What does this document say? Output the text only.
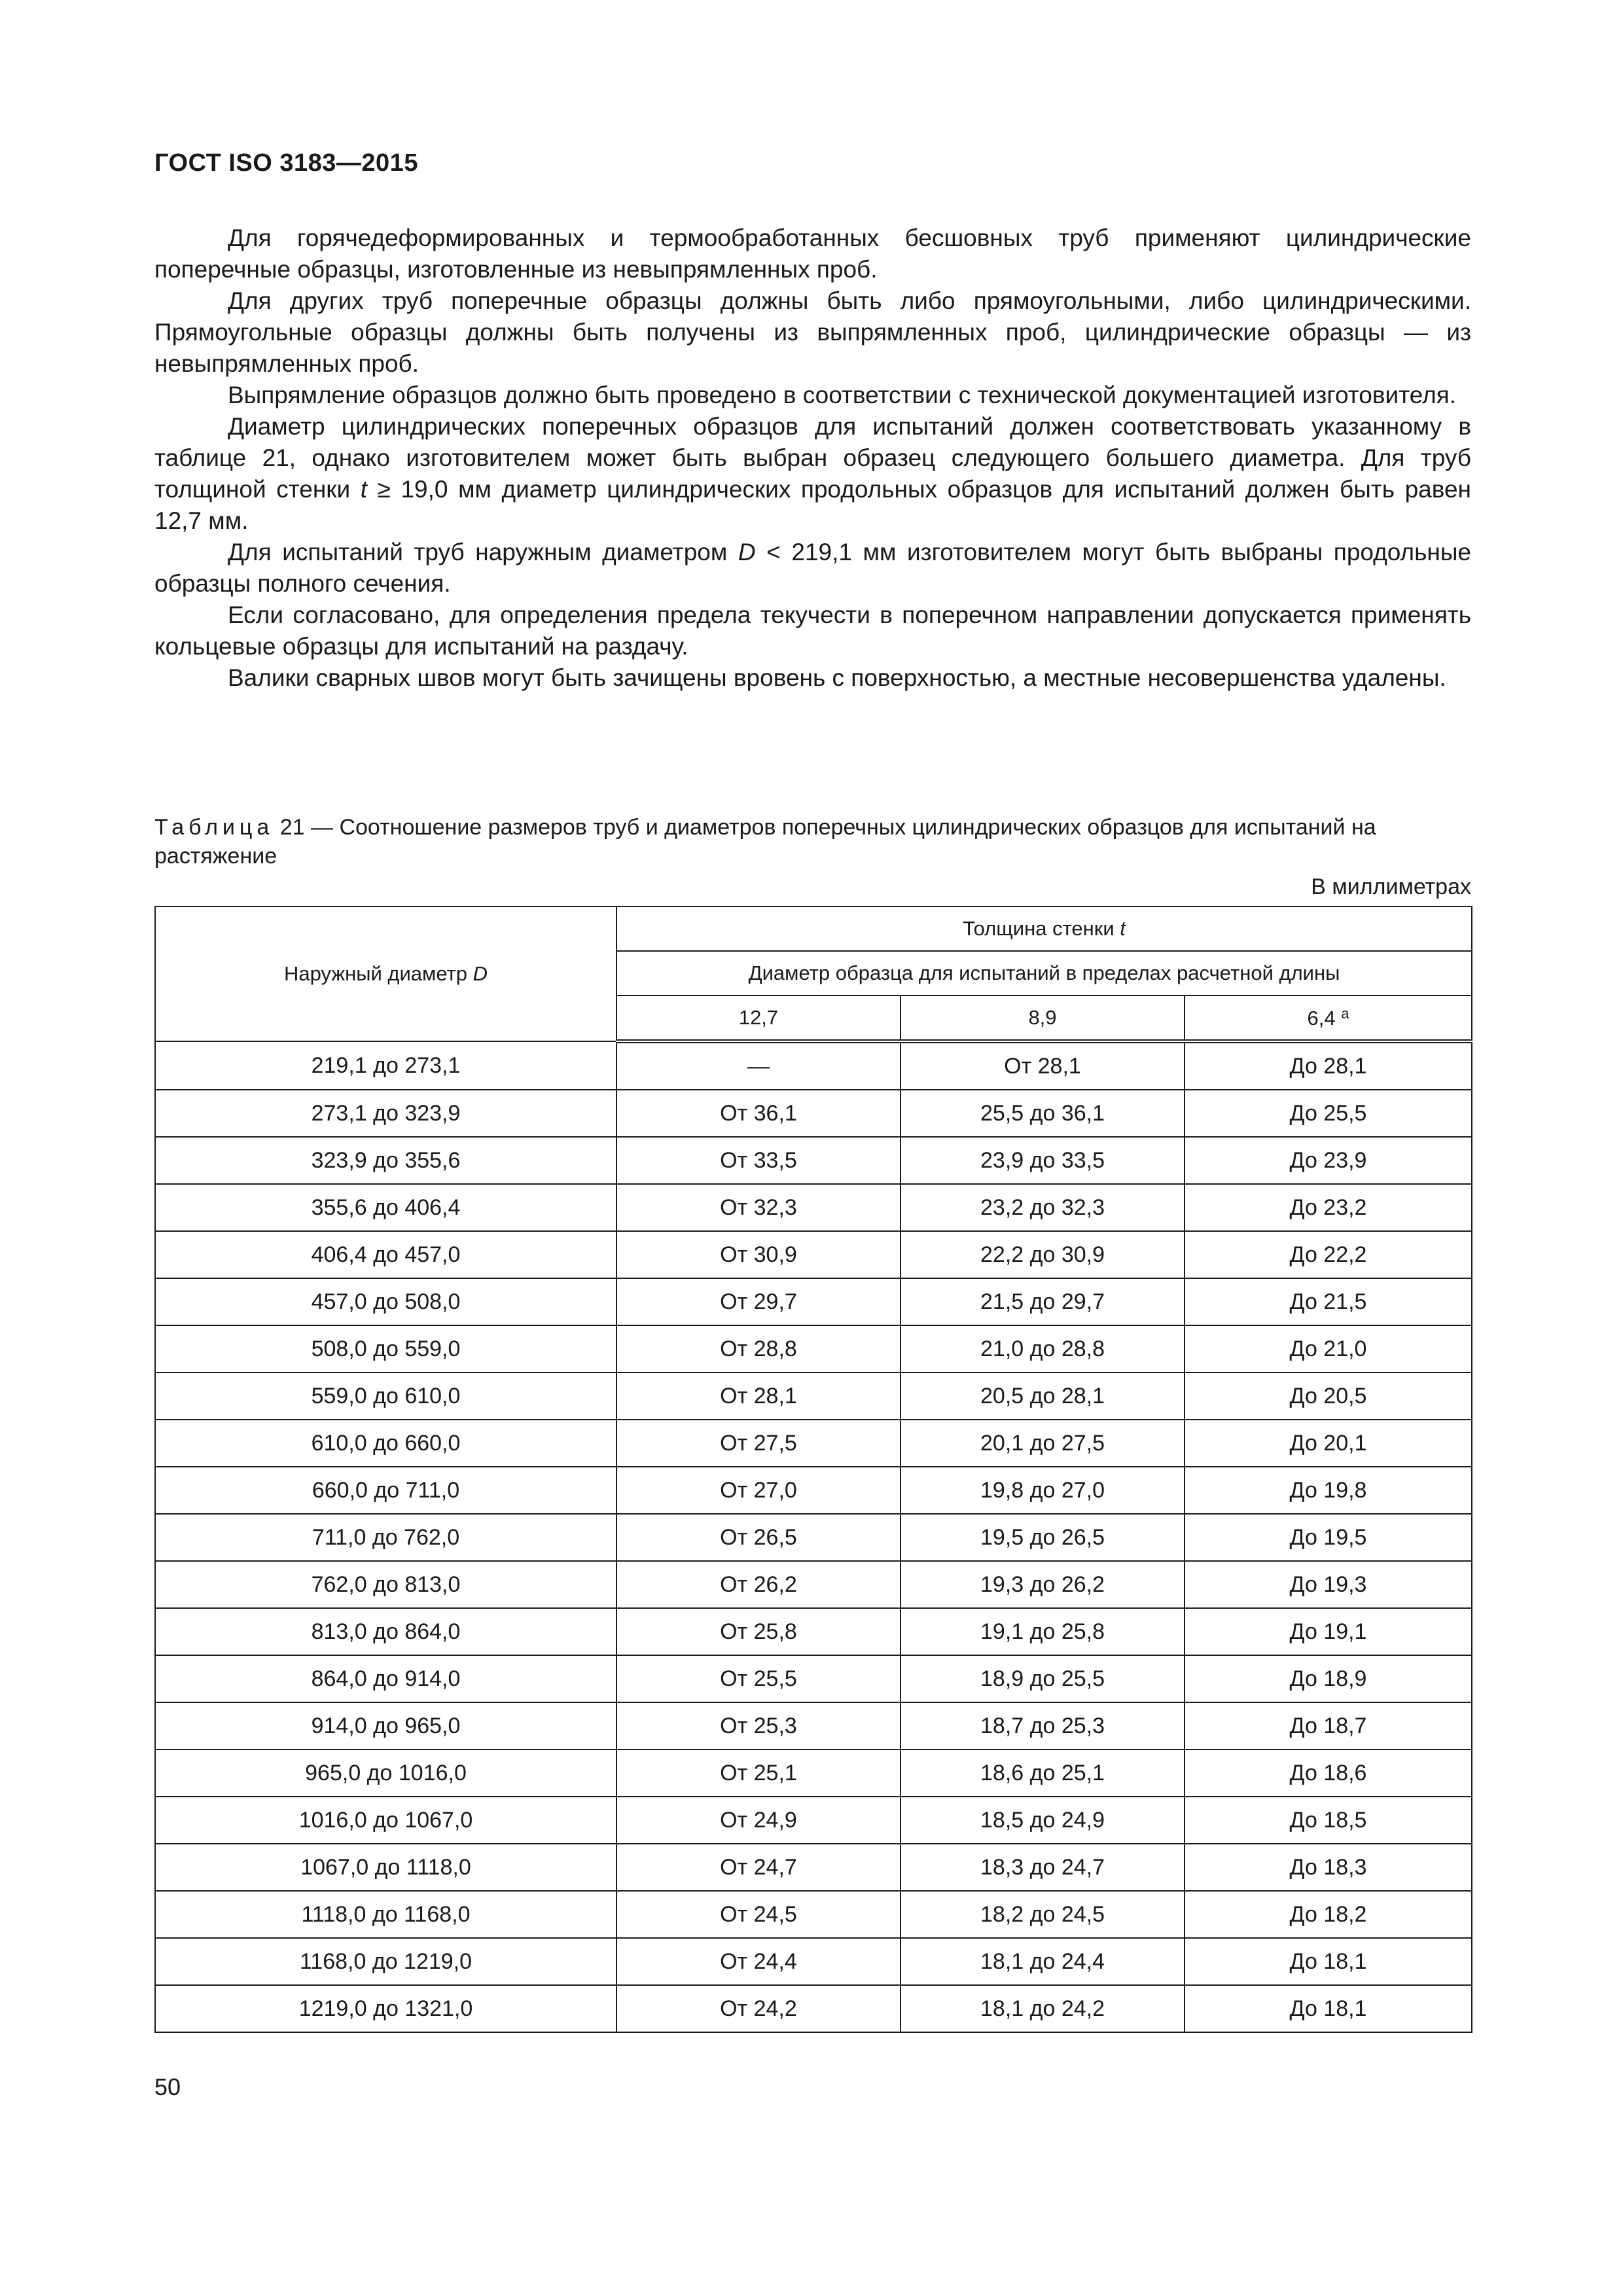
ГОСТ ISO 3183—2015

Для горячедеформированных и термообработанных бесшовных труб применяют цилиндрические поперечные образцы, изготовленные из невыпрямленных проб.

Для других труб поперечные образцы должны быть либо прямоугольными, либо цилиндрическими. Прямоугольные образцы должны быть получены из выпрямленных проб, цилиндрические образцы — из невыпрямленных проб.

Выпрямление образцов должно быть проведено в соответствии с технической документацией изготовителя.

Диаметр цилиндрических поперечных образцов для испытаний должен соответствовать указанному в таблице 21, однако изготовителем может быть выбран образец следующего большего диаметра. Для труб толщиной стенки t ≥ 19,0 мм диаметр цилиндрических продольных образцов для испытаний должен быть равен 12,7 мм.

Для испытаний труб наружным диаметром D < 219,1 мм изготовителем могут быть выбраны продольные образцы полного сечения.

Если согласовано, для определения предела текучести в поперечном направлении допускается применять кольцевые образцы для испытаний на раздачу.

Валики сварных швов могут быть зачищены вровень с поверхностью, а местные несовершенства удалены.

Таблица 21 — Соотношение размеров труб и диаметров поперечных цилиндрических образцов для испытаний на растяжение
В миллиметрах
Наружный диаметр D	Толщина стенки t		
	Диаметр образца для испытаний в пределах расчетной длины		
	12,7	8,9	6,4 $^а$
219,1 до 273,1	—	От 28,1	До 28,1
273,1 до 323,9	От 36,1	25,5 до 36,1	До 25,5
323,9 до 355,6	От 33,5	23,9 до 33,5	До 23,9
355,6 до 406,4	От 32,3	23,2 до 32,3	До 23,2
406,4 до 457,0	От 30,9	22,2 до 30,9	До 22,2
457,0 до 508,0	От 29,7	21,5 до 29,7	До 21,5
508,0 до 559,0	От 28,8	21,0 до 28,8	До 21,0
559,0 до 610,0	От 28,1	20,5 до 28,1	До 20,5
610,0 до 660,0	От 27,5	20,1 до 27,5	До 20,1
660,0 до 711,0	От 27,0	19,8 до 27,0	До 19,8
711,0 до 762,0	От 26,5	19,5 до 26,5	До 19,5
762,0 до 813,0	От 26,2	19,3 до 26,2	До 19,3
813,0 до 864,0	От 25,8	19,1 до 25,8	До 19,1
864,0 до 914,0	От 25,5	18,9 до 25,5	До 18,9
914,0 до 965,0	От 25,3	18,7 до 25,3	До 18,7
965,0 до 1016,0	От 25,1	18,6 до 25,1	До 18,6
1016,0 до 1067,0	От 24,9	18,5 до 24,9	До 18,5
1067,0 до 1118,0	От 24,7	18,3 до 24,7	До 18,3
1118,0 до 1168,0	От 24,5	18,2 до 24,5	До 18,2
1168,0 до 1219,0	От 24,4	18,1 до 24,4	До 18,1
1219,0 до 1321,0	От 24,2	18,1 до 24,2	До 18,1
50
